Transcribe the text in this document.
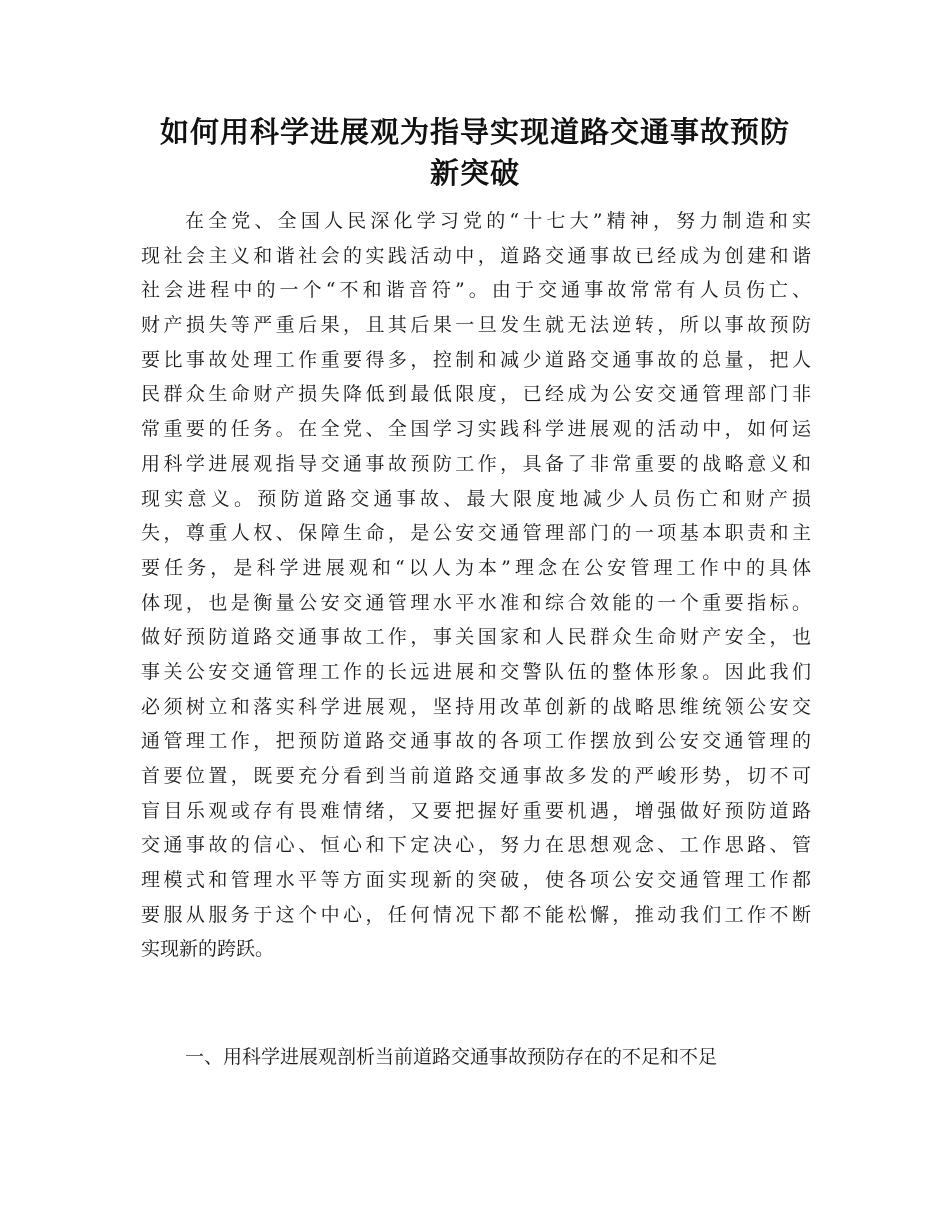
如何用科学进展观为指导实现道路交通事故预防
新突破
在全党、全国人民深化学习党的“十七大”精神，努力制造和实
现社会主义和谐社会的实践活动中，道路交通事故已经成为创建和谐
社会进程中的一个“不和谐音符”。由于交通事故常常有人员伤亡、
财产损失等严重后果，且其后果一旦发生就无法逆转，所以事故预防
要比事故处理工作重要得多，控制和减少道路交通事故的总量，把人
民群众生命财产损失降低到最低限度，已经成为公安交通管理部门非
常重要的任务。在全党、全国学习实践科学进展观的活动中，如何运
用科学进展观指导交通事故预防工作，具备了非常重要的战略意义和
现实意义。预防道路交通事故、最大限度地减少人员伤亡和财产损
失，尊重人权、保障生命，是公安交通管理部门的一项基本职责和主
要任务，是科学进展观和“以人为本”理念在公安管理工作中的具体
体现，也是衡量公安交通管理水平水准和综合效能的一个重要指标。
做好预防道路交通事故工作，事关国家和人民群众生命财产安全，也
事关公安交通管理工作的长远进展和交警队伍的整体形象。因此我们
必须树立和落实科学进展观，坚持用改革创新的战略思维统领公安交
通管理工作，把预防道路交通事故的各项工作摆放到公安交通管理的
首要位置，既要充分看到当前道路交通事故多发的严峻形势，切不可
盲目乐观或存有畏难情绪，又要把握好重要机遇，增强做好预防道路
交通事故的信心、恒心和下定决心，努力在思想观念、工作思路、管
理模式和管理水平等方面实现新的突破，使各项公安交通管理工作都
要服从服务于这个中心，任何情况下都不能松懈，推动我们工作不断
实现新的跨跃。
一、用科学进展观剖析当前道路交通事故预防存在的不足和不足
